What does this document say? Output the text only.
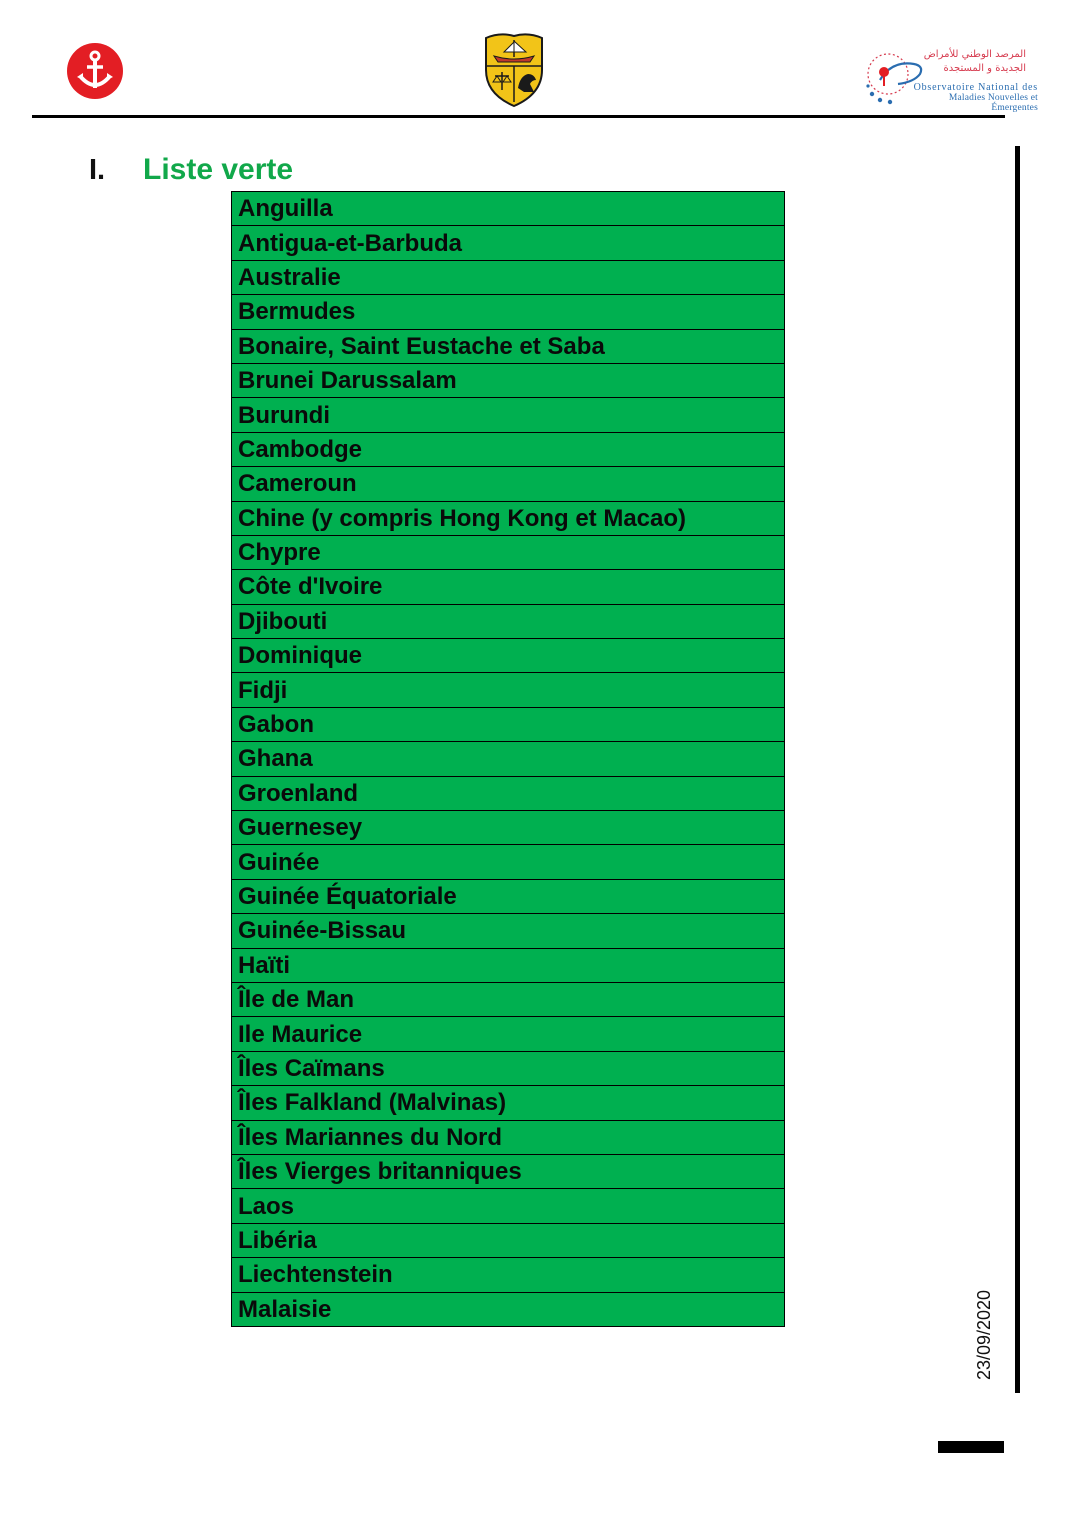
المرصد الوطني للأمراض
الجديدة و المستجدة
Observatoire National des
Maladies Nouvelles et Émergentes
I.	Liste verte
Anguilla
Antigua-et-Barbuda
Australie
Bermudes
Bonaire, Saint Eustache et Saba
Brunei Darussalam
Burundi
Cambodge
Cameroun
Chine (y compris Hong Kong et Macao)
Chypre
Côte d'Ivoire
Djibouti
Dominique
Fidji
Gabon
Ghana
Groenland
Guernesey
Guinée
Guinée Équatoriale
Guinée-Bissau
Haïti
Île de Man
Ile Maurice
Îles Caïmans
Îles Falkland (Malvinas)
Îles Mariannes du Nord
Îles Vierges britanniques
Laos
Libéria
Liechtenstein
Malaisie	23/09/2020
